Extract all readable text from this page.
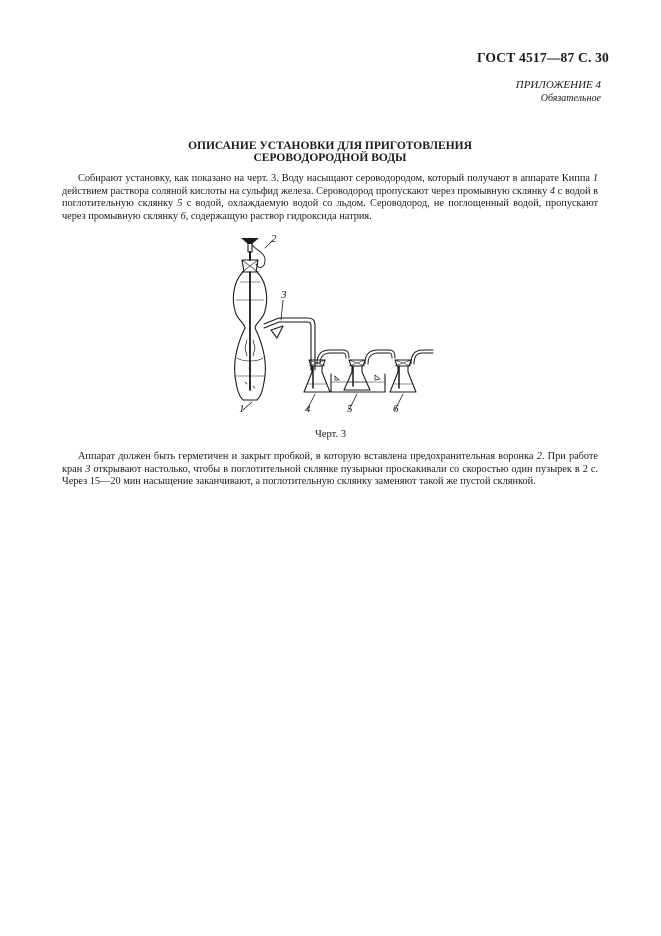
ГОСТ 4517—87 С. 30
ПРИЛОЖЕНИЕ 4
Обязательное
ОПИСАНИЕ УСТАНОВКИ ДЛЯ ПРИГОТОВЛЕНИЯ
СЕРОВОДОРОДНОЙ ВОДЫ
Собирают установку, как показано на черт. 3. Воду насыщают сероводородом, который получают в аппарате Киппа 1 действием раствора соляной кислоты на сульфид железа. Сероводород пропускают через промывную склянку 4 с водой в поглотительную склянку 5 с водой, охлаждаемую водой со льдом. Сероводород, не поглощенный водой, пропускают через промывную склянку 6, содержащую раствор гидроксида натрия.
1
2
3
4	5	6
Черт. 3
Аппарат должен быть герметичен и закрыт пробкой, в которую вставлена предохранительная воронка 2. При работе кран 3 открывают настолько, чтобы в поглотительной склянке пузырьки проскакивали со скоростью один пузырек в 2 с. Через 15—20 мин насыщение заканчивают, а поглотительную склянку заменяют такой же пустой склянкой.
